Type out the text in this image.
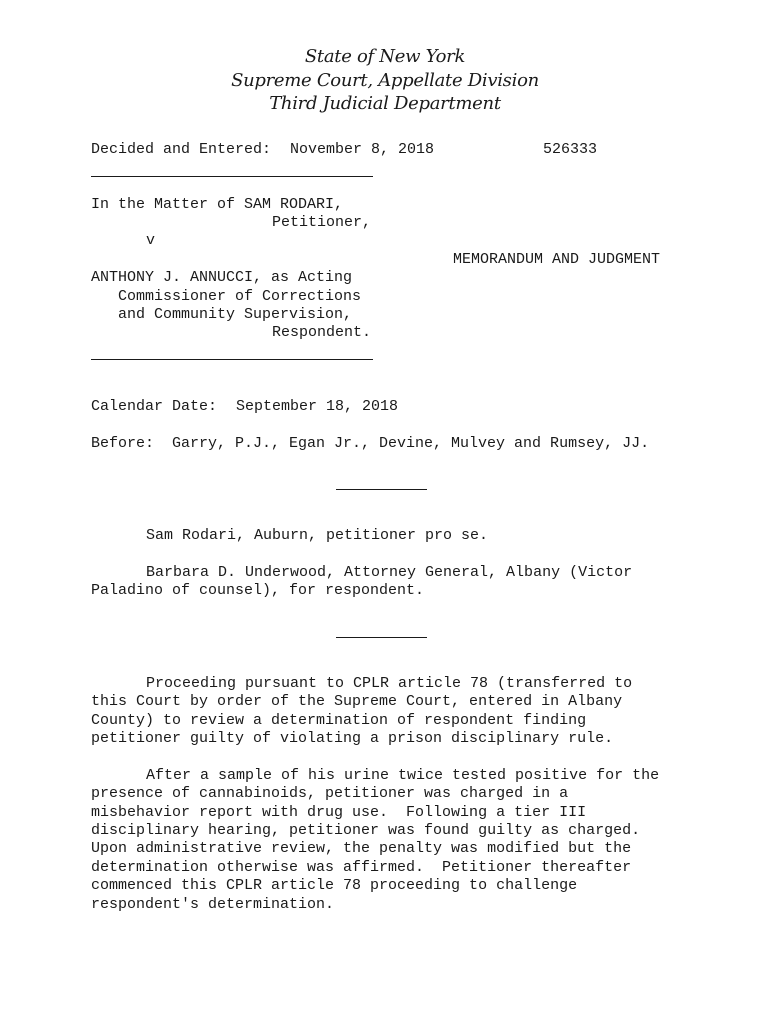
State of New York
Supreme Court, Appellate Division
Third Judicial Department
Decided and Entered: November 8, 2018	526333
In the Matter of SAM RODARI,
Petitioner,
v
MEMORANDUM AND JUDGMENT
ANTHONY J. ANNUCCI, as Acting
Commissioner of Corrections
and Community Supervision,
Respondent.
Calendar Date: September 18, 2018
Before: Garry, P.J., Egan Jr., Devine, Mulvey and Rumsey, JJ.
Sam Rodari, Auburn, petitioner pro se.
Barbara D. Underwood, Attorney General, Albany (Victor
Paladino of counsel), for respondent.
Proceeding pursuant to CPLR article 78 (transferred to
this Court by order of the Supreme Court, entered in Albany
County) to review a determination of respondent finding
petitioner guilty of violating a prison disciplinary rule.
After a sample of his urine twice tested positive for the
presence of cannabinoids, petitioner was charged in a
misbehavior report with drug use.  Following a tier III
disciplinary hearing, petitioner was found guilty as charged.
Upon administrative review, the penalty was modified but the
determination otherwise was affirmed.  Petitioner thereafter
commenced this CPLR article 78 proceeding to challenge
respondent's determination.
